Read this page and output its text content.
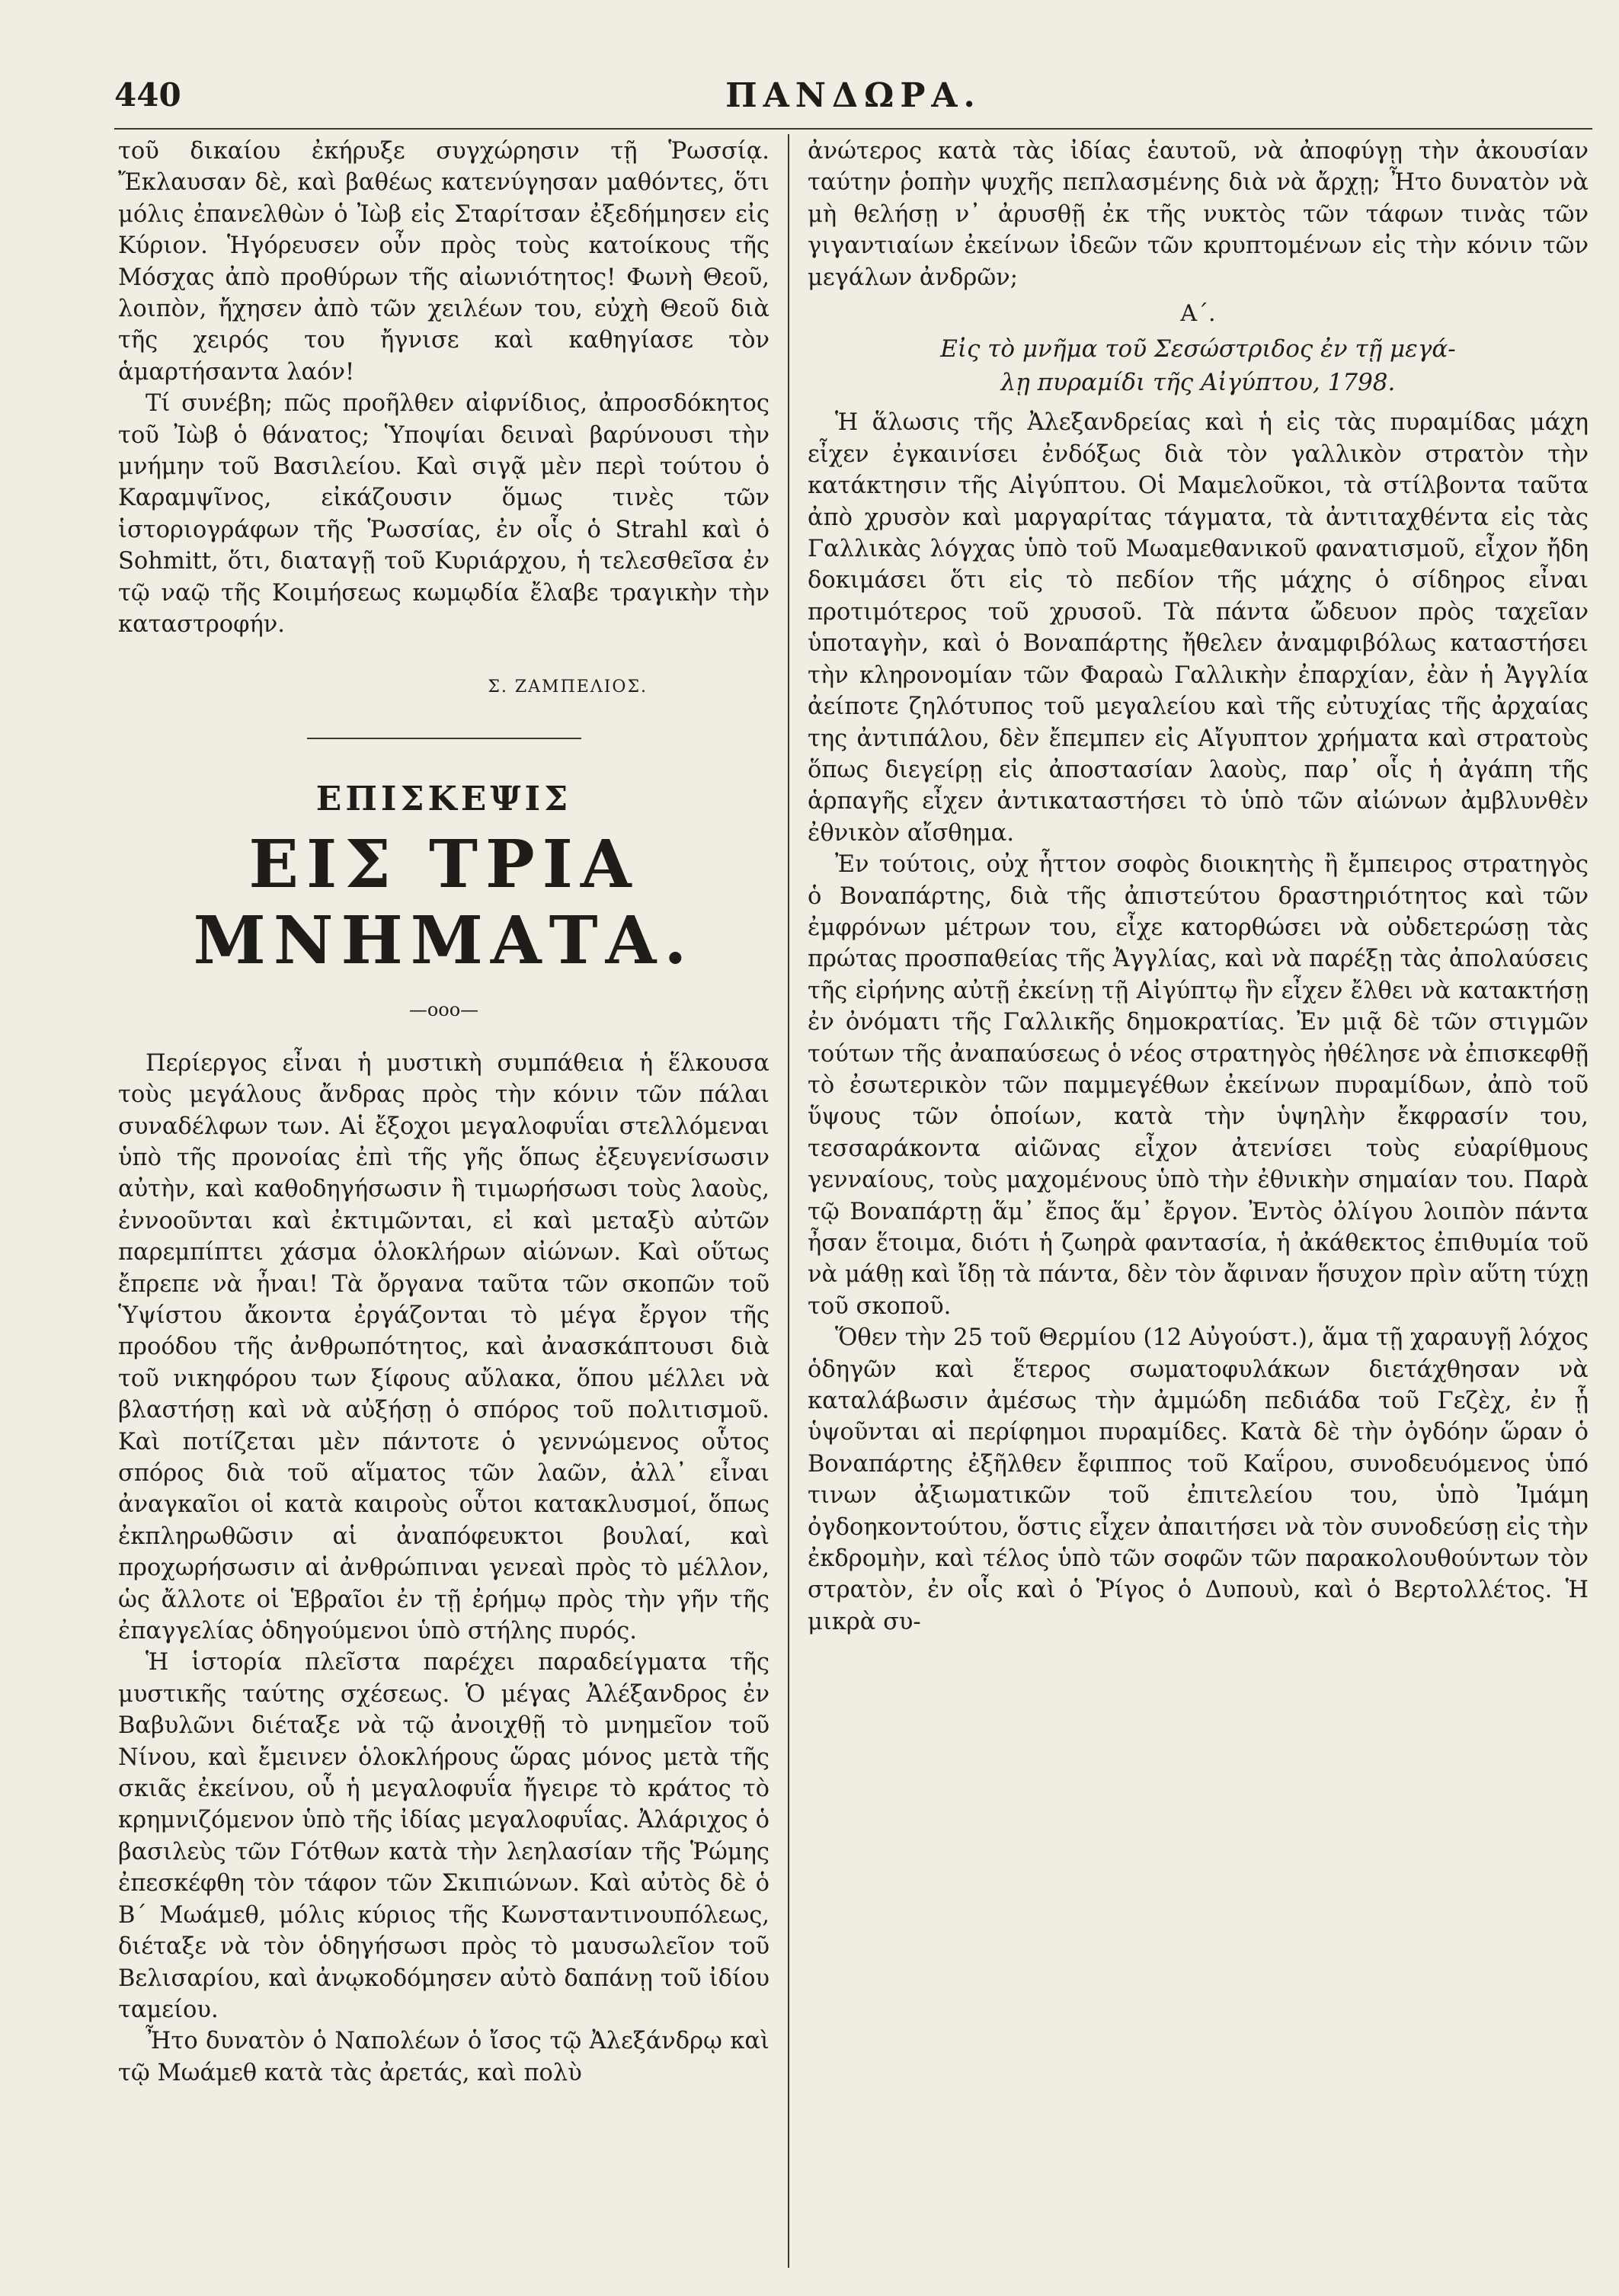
440	ΠΑΝΔΩΡΑ.

τοῦ δικαίου ἐκήρυξε συγχώρησιν τῇ Ῥωσσίᾳ. Ἔκλαυσαν δὲ, καὶ βαθέως κατενύγησαν μαθόντες, ὅτι μόλις ἐπανελθὼν ὁ Ἰὼβ εἰς Σταρίτσαν ἐξεδήμησεν εἰς Κύριον. Ἡγόρευσεν οὖν πρὸς τοὺς κατοίκους τῆς Μόσχας ἀπὸ προθύρων τῆς αἰωνιότητος! Φωνὴ Θεοῦ, λοιπὸν, ἤχησεν ἀπὸ τῶν χειλέων του, εὐχὴ Θεοῦ διὰ τῆς χειρός του ἤγνισε καὶ καθηγίασε τὸν ἁμαρτήσαντα λαόν!

Τί συνέβη; πῶς προῆλθεν αἰφνίδιος, ἀπροσδόκητος τοῦ Ἰὼβ ὁ θάνατος; Ὑποψίαι δειναὶ βαρύνουσι τὴν μνήμην τοῦ Βασιλείου. Καὶ σιγᾷ μὲν περὶ τούτου ὁ Καραμψῖνος, εἰκάζουσιν ὅμως τινὲς τῶν ἱστοριογράφων τῆς Ῥωσσίας, ἐν οἷς ὁ Strahl καὶ ὁ Sohmitt, ὅτι, διαταγῇ τοῦ Κυριάρχου, ἡ τελεσθεῖσα ἐν τῷ ναῷ τῆς Κοιμήσεως κωμῳδία ἔλαβε τραγικὴν τὴν καταστροφήν.

Σ. ΖΑΜΠΕΛΙΟΣ.
ΕΠΙΣΚΕΨΙΣ
ΕΙΣ ΤΡΙΑ ΜΝΗΜΑΤΑ.
—ooo—

Περίεργος εἶναι ἡ μυστικὴ συμπάθεια ἡ ἕλκουσα τοὺς μεγάλους ἄνδρας πρὸς τὴν κόνιν τῶν πάλαι συναδέλφων των. Αἱ ἔξοχοι μεγαλοφυΐαι στελλόμεναι ὑπὸ τῆς προνοίας ἐπὶ τῆς γῆς ὅπως ἐξευγενίσωσιν αὐτὴν, καὶ καθοδηγήσωσιν ἢ τιμωρήσωσι τοὺς λαοὺς, ἐννοοῦνται καὶ ἐκτιμῶνται, εἰ καὶ μεταξὺ αὐτῶν παρεμπίπτει χάσμα ὁλοκλήρων αἰώνων. Καὶ οὕτως ἔπρεπε νὰ ἦναι! Τὰ ὄργανα ταῦτα τῶν σκοπῶν τοῦ Ὑψίστου ἄκοντα ἐργάζονται τὸ μέγα ἔργον τῆς προόδου τῆς ἀνθρωπότητος, καὶ ἀνασκάπτουσι διὰ τοῦ νικηφόρου των ξίφους αὔλακα, ὅπου μέλλει νὰ βλαστήσῃ καὶ νὰ αὐξήσῃ ὁ σπόρος τοῦ πολιτισμοῦ. Καὶ ποτίζεται μὲν πάντοτε ὁ γεννώμενος οὗτος σπόρος διὰ τοῦ αἵματος τῶν λαῶν, ἀλλ᾽ εἶναι ἀναγκαῖοι οἱ κατὰ καιροὺς οὗτοι κατακλυσμοί, ὅπως ἐκπληρωθῶσιν αἱ ἀναπόφευκτοι βουλαί, καὶ προχωρήσωσιν αἱ ἀνθρώπιναι γενεαὶ πρὸς τὸ μέλλον, ὡς ἄλλοτε οἱ Ἑβραῖοι ἐν τῇ ἐρήμῳ πρὸς τὴν γῆν τῆς ἐπαγγελίας ὁδηγούμενοι ὑπὸ στήλης πυρός.

Ἡ ἱστορία πλεῖστα παρέχει παραδείγματα τῆς μυστικῆς ταύτης σχέσεως. Ὁ μέγας Ἀλέξανδρος ἐν Βαβυλῶνι διέταξε νὰ τῷ ἀνοιχθῇ τὸ μνημεῖον τοῦ Νίνου, καὶ ἔμεινεν ὁλοκλήρους ὥρας μόνος μετὰ τῆς σκιᾶς ἐκείνου, οὗ ἡ μεγαλοφυΐα ἤγειρε τὸ κράτος τὸ κρημνιζόμενον ὑπὸ τῆς ἰδίας μεγαλοφυΐας. Ἀλάριχος ὁ βασιλεὺς τῶν Γότθων κατὰ τὴν λεηλασίαν τῆς Ῥώμης ἐπεσκέφθη τὸν τάφον τῶν Σκιπιώνων. Καὶ αὐτὸς δὲ ὁ Β´ Μωάμεθ, μόλις κύριος τῆς Κωνσταντινουπόλεως, διέταξε νὰ τὸν ὁδηγήσωσι πρὸς τὸ μαυσωλεῖον τοῦ Βελισαρίου, καὶ ἀνῳκοδόμησεν αὐτὸ δαπάνῃ τοῦ ἰδίου ταμείου.

Ἦτο δυνατὸν ὁ Ναπολέων ὁ ἴσος τῷ Ἀλεξάνδρῳ καὶ τῷ Μωάμεθ κατὰ τὰς ἀρετάς, καὶ πολὺ

ἀνώτερος κατὰ τὰς ἰδίας ἑαυτοῦ, νὰ ἀποφύγῃ τὴν ἀκουσίαν ταύτην ῥοπὴν ψυχῆς πεπλασμένης διὰ νὰ ἄρχῃ; Ἦτο δυνατὸν νὰ μὴ θελήσῃ ν᾽ ἀρυσθῇ ἐκ τῆς νυκτὸς τῶν τάφων τινὰς τῶν γιγαντιαίων ἐκείνων ἰδεῶν τῶν κρυπτομένων εἰς τὴν κόνιν τῶν μεγάλων ἀνδρῶν;

Α´.
Εἰς τὸ μνῆμα τοῦ Σεσώστριδος ἐν τῇ μεγά-
λῃ πυραμίδι τῆς Αἰγύπτου, 1798.

Ἡ ἅλωσις τῆς Ἀλεξανδρείας καὶ ἡ εἰς τὰς πυραμίδας μάχη εἶχεν ἐγκαινίσει ἐνδόξως διὰ τὸν γαλλικὸν στρατὸν τὴν κατάκτησιν τῆς Αἰγύπτου. Οἱ Μαμελοῦκοι, τὰ στίλβοντα ταῦτα ἀπὸ χρυσὸν καὶ μαργαρίτας τάγματα, τὰ ἀντιταχθέντα εἰς τὰς Γαλλικὰς λόγχας ὑπὸ τοῦ Μωαμεθανικοῦ φανατισμοῦ, εἶχον ἤδη δοκιμάσει ὅτι εἰς τὸ πεδίον τῆς μάχης ὁ σίδηρος εἶναι προτιμότερος τοῦ χρυσοῦ. Τὰ πάντα ὤδευον πρὸς ταχεῖαν ὑποταγὴν, καὶ ὁ Βοναπάρτης ἤθελεν ἀναμφιβόλως καταστήσει τὴν κληρονομίαν τῶν Φαραὼ Γαλλικὴν ἐπαρχίαν, ἐὰν ἡ Ἀγγλία ἀείποτε ζηλότυπος τοῦ μεγαλείου καὶ τῆς εὐτυχίας τῆς ἀρχαίας της ἀντιπάλου, δὲν ἔπεμπεν εἰς Αἴγυπτον χρήματα καὶ στρατοὺς ὅπως διεγείρῃ εἰς ἀποστασίαν λαοὺς, παρ᾽ οἷς ἡ ἀγάπη τῆς ἁρπαγῆς εἶχεν ἀντικαταστήσει τὸ ὑπὸ τῶν αἰώνων ἀμβλυνθὲν ἐθνικὸν αἴσθημα.

Ἐν τούτοις, οὐχ ἧττον σοφὸς διοικητὴς ἢ ἔμπειρος στρατηγὸς ὁ Βοναπάρτης, διὰ τῆς ἀπιστεύτου δραστηριότητος καὶ τῶν ἐμφρόνων μέτρων του, εἶχε κατορθώσει νὰ οὐδετερώσῃ τὰς πρώτας προσπαθείας τῆς Ἀγγλίας, καὶ νὰ παρέξῃ τὰς ἀπολαύσεις τῆς εἰρήνης αὐτῇ ἐκείνῃ τῇ Αἰγύπτῳ ἣν εἶχεν ἔλθει νὰ κατακτήσῃ ἐν ὀνόματι τῆς Γαλλικῆς δημοκρατίας. Ἐν μιᾷ δὲ τῶν στιγμῶν τούτων τῆς ἀναπαύσεως ὁ νέος στρατηγὸς ἠθέλησε νὰ ἐπισκεφθῇ τὸ ἐσωτερικὸν τῶν παμμεγέθων ἐκείνων πυραμίδων, ἀπὸ τοῦ ὕψους τῶν ὁποίων, κατὰ τὴν ὑψηλὴν ἔκφρασίν του, τεσσαράκοντα αἰῶνας εἶχον ἀτενίσει τοὺς εὐαρίθμους γενναίους, τοὺς μαχομένους ὑπὸ τὴν ἐθνικὴν σημαίαν του. Παρὰ τῷ Βοναπάρτῃ ἅμ᾽ ἔπος ἅμ᾽ ἔργον. Ἐντὸς ὀλίγου λοιπὸν πάντα ἦσαν ἕτοιμα, διότι ἡ ζωηρὰ φαντασία, ἡ ἀκάθεκτος ἐπιθυμία τοῦ νὰ μάθῃ καὶ ἴδῃ τὰ πάντα, δὲν τὸν ἄφιναν ἥσυχον πρὶν αὕτη τύχῃ τοῦ σκοποῦ.

Ὅθεν τὴν 25 τοῦ Θερμίου (12 Αὐγούστ.), ἅμα τῇ χαραυγῇ λόχος ὁδηγῶν καὶ ἕτερος σωματοφυλάκων διετάχθησαν νὰ καταλάβωσιν ἀμέσως τὴν ἀμμώδη πεδιάδα τοῦ Γεζὲχ, ἐν ᾗ ὑψοῦνται αἱ περίφημοι πυραμίδες. Κατὰ δὲ τὴν ὀγδόην ὥραν ὁ Βοναπάρτης ἐξῆλθεν ἔφιππος τοῦ Καΐρου, συνοδευόμενος ὑπό τινων ἀξιωματικῶν τοῦ ἐπιτελείου του, ὑπὸ Ἰμάμη ὀγδοηκοντούτου, ὅστις εἶχεν ἀπαιτήσει νὰ τὸν συνοδεύσῃ εἰς τὴν ἐκδρομὴν, καὶ τέλος ὑπὸ τῶν σοφῶν τῶν παρακολουθούντων τὸν στρατὸν, ἐν οἷς καὶ ὁ Ῥίγος ὁ Δυπουὺ, καὶ ὁ Βερτολλέτος. Ἡ μικρὰ συ-
